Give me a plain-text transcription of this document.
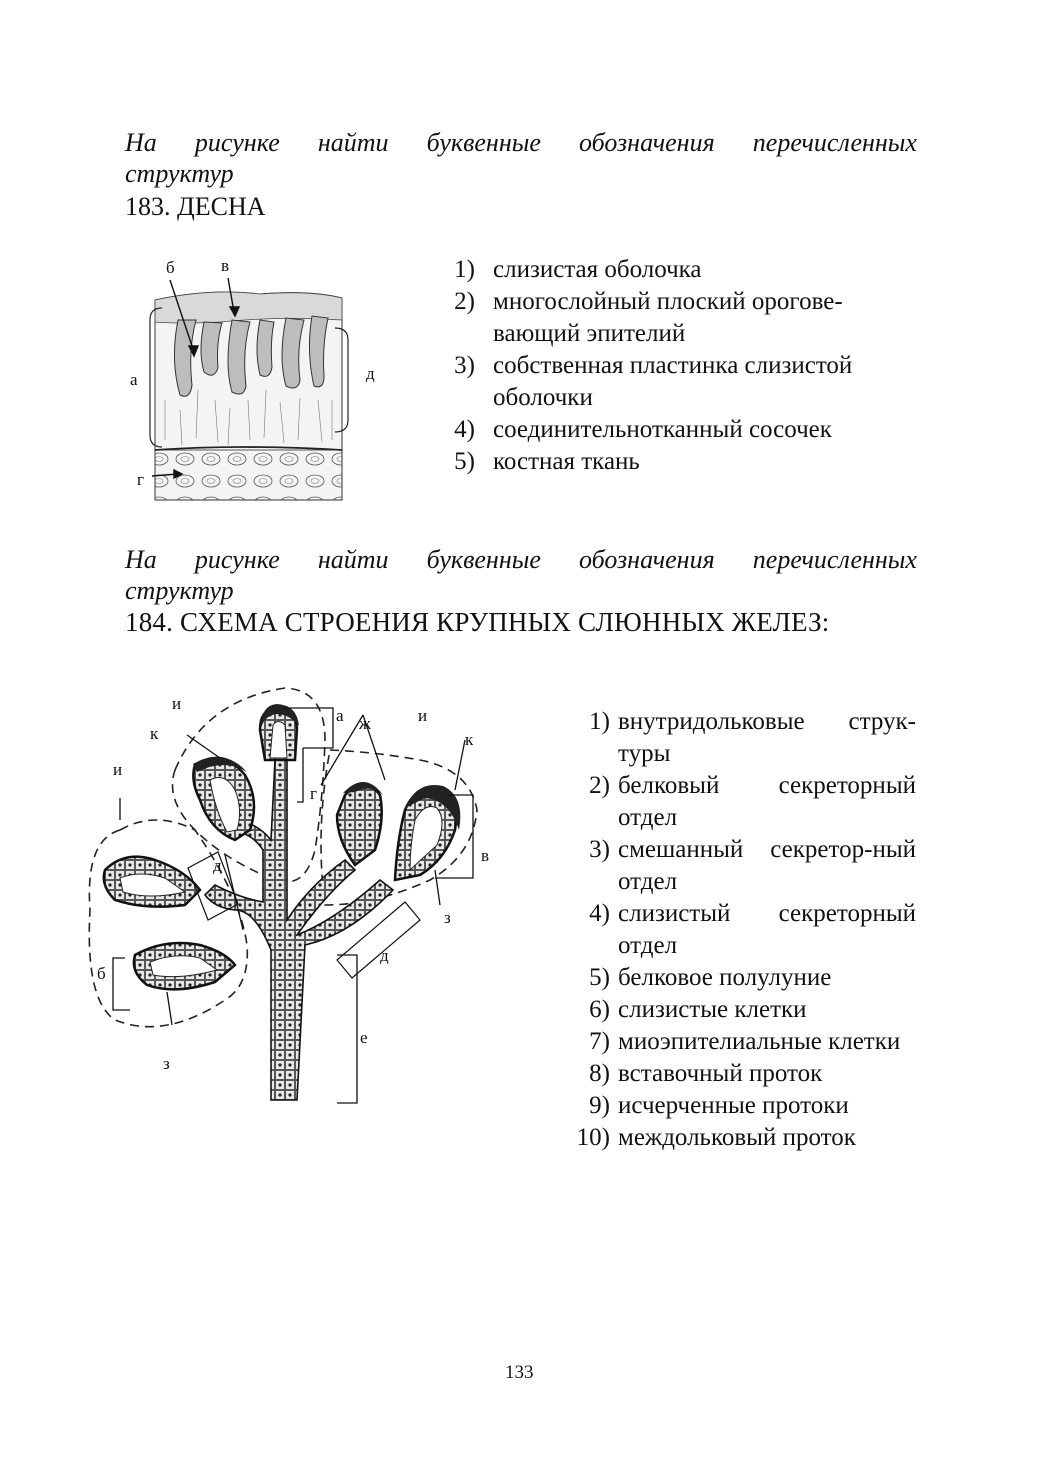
На рисунке найти буквенные обозначения перечисленных
структур
183. ДЕСНА
б	в
а	д
г
1) слизистая оболочка
2) многослойный плоский орогове-вающий эпителий
3) собственная пластинка слизистой оболочки
4) соединительнотканный сосочек
5) костная ткань
На рисунке найти буквенные обозначения перечисленных
структур
184. СХЕМА СТРОЕНИЯ КРУПНЫХ СЛЮННЫХ ЖЕЛЕЗ:
и
к
и
а ж	и
к
г
в
д
з
д
б
е
з
1) внутридольковые струк-туры
2) белковый секреторный отдел
3) смешанный секретор-ный отдел
4) слизистый секреторный отдел
5) белковое полулуние
6) слизистые клетки
7) миоэпителиальные клетки
8) вставочный проток
9) исчерченные протоки
10) междольковый проток
133
